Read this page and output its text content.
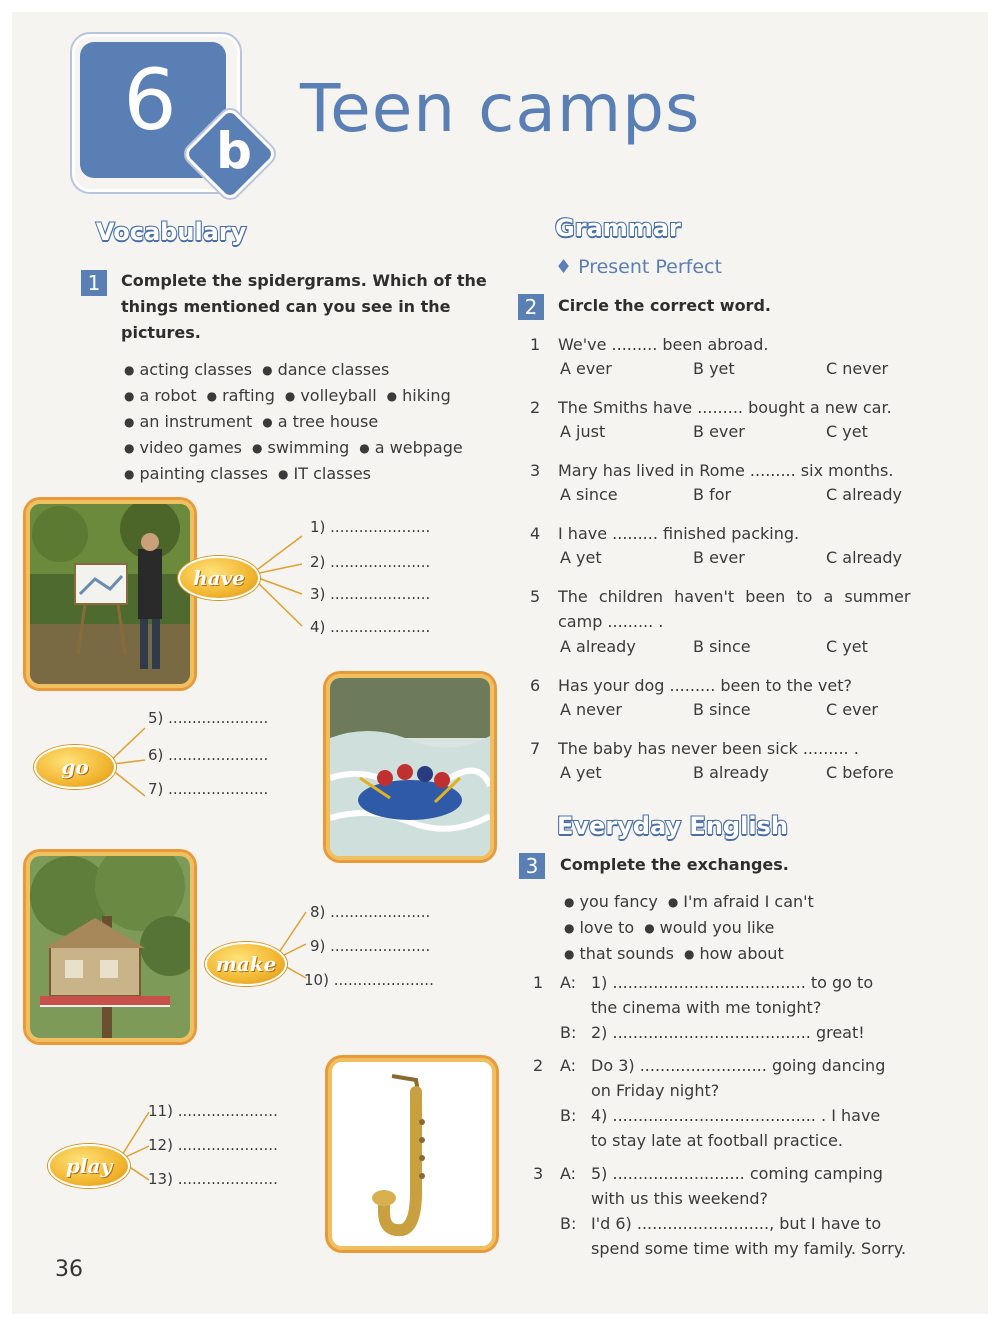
6
b
Teen camps
Vocabulary
1	Complete the spidergrams. Which of the
things mentioned can you see in the
pictures.
● acting classes ● dance classes
● a robot ● rafting ● volleyball ● hiking
● an instrument ● a tree house
● video games ● swimming ● a webpage
● painting classes ● IT classes
have
1) .....................
2) .....................
3) .....................
4) .....................
go
5) .....................
6) .....................
7) .....................
make
8) .....................
9) .....................
10) .....................
play
11) .....................
12) .....................
13) .....................
36
Grammar
♦ Present Perfect
2	Circle the correct word.
1 We've ......... been abroad.
A ever	B yet	C never
2 The Smiths have ......... bought a new car.
A just	B ever	C yet
3 Mary has lived in Rome ......... six months.
A since	B for	C already
4 I have ......... finished packing.
A yet	B ever	C already
5 The children haven't been to a summer
camp ......... .
A already	B since	C yet
6 Has your dog ......... been to the vet?
A never	B since	C ever
7 The baby has never been sick ......... .
A yet	B already	C before
Everyday English
3	Complete the exchanges.
● you fancy ● I'm afraid I can't
● love to ● would you like
● that sounds ● how about
1 A: 1) ...................................... to go to
the cinema with me tonight?
B: 2) ....................................... great!
2 A: Do 3) ......................... going dancing
on Friday night?
B: 4) ........................................ . I have
to stay late at football practice.
3 A: 5) .......................... coming camping
with us this weekend?
B: I'd 6) .........................., but I have to
spend some time with my family. Sorry.
